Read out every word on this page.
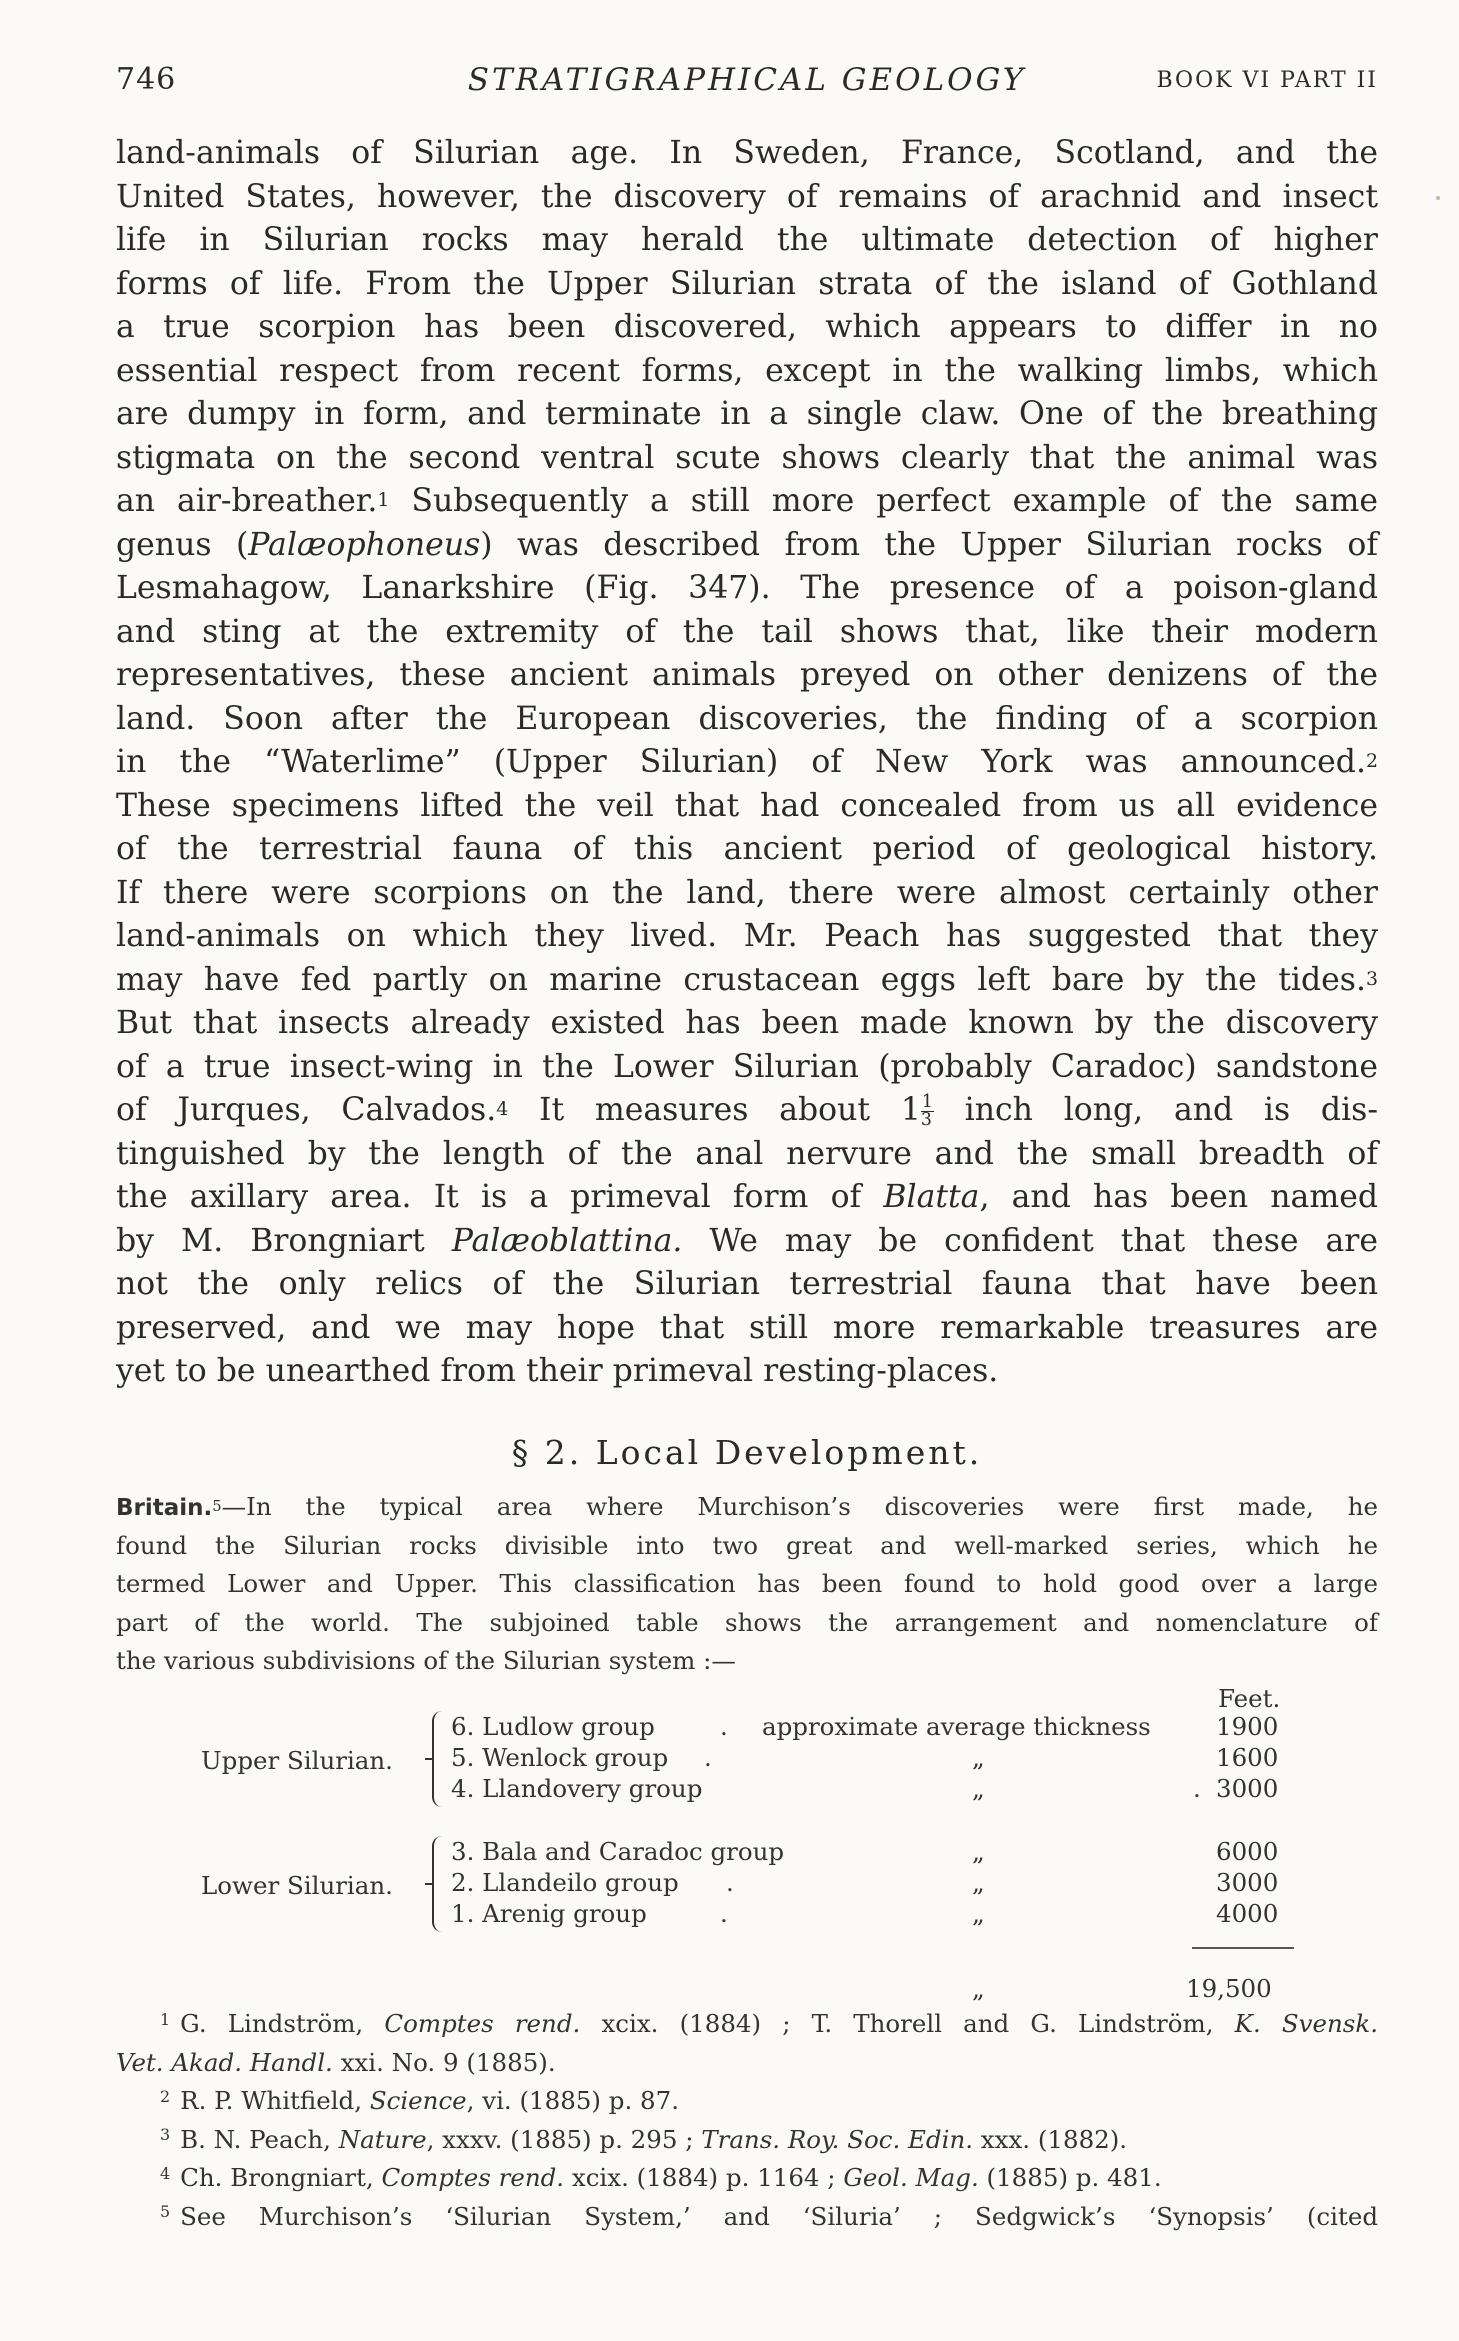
746	STRATIGRAPHICAL GEOLOGY	BOOK VI PART II
land-animals of Silurian age. In Sweden, France, Scotland, and the
United States, however, the discovery of remains of arachnid and insect
life in Silurian rocks may herald the ultimate detection of higher
forms of life. From the Upper Silurian strata of the island of Gothland
a true scorpion has been discovered, which appears to differ in no
essential respect from recent forms, except in the walking limbs, which
are dumpy in form, and terminate in a single claw. One of the breathing
stigmata on the second ventral scute shows clearly that the animal was
an air-breather.$^1$ Subsequently a still more perfect example of the same
genus (Palæophoneus) was described from the Upper Silurian rocks of
Lesmahagow, Lanarkshire (Fig. 347). The presence of a poison-gland
and sting at the extremity of the tail shows that, like their modern
representatives, these ancient animals preyed on other denizens of the
land. Soon after the European discoveries, the finding of a scorpion
in the “Waterlime” (Upper Silurian) of New York was announced.$^2$
These specimens lifted the veil that had concealed from us all evidence
of the terrestrial fauna of this ancient period of geological history.
If there were scorpions on the land, there were almost certainly other
land-animals on which they lived. Mr. Peach has suggested that they
may have fed partly on marine crustacean eggs left bare by the tides.$^3$
But that insects already existed has been made known by the discovery
of a true insect-wing in the Lower Silurian (probably Caradoc) sandstone
of Jurques, Calvados.$^4$ It measures about $1 \frac{1}{3}$ inch long, and is dis-
tinguished by the length of the anal nervure and the small breadth of
the axillary area. It is a primeval form of Blatta, and has been named
by M. Brongniart Palæoblattina. We may be confident that these are
not the only relics of the Silurian terrestrial fauna that have been
preserved, and we may hope that still more remarkable treasures are
yet to be unearthed from their primeval resting-places.
§ 2. Local Development.
Britain.$^5$—In the typical area where Murchison’s discoveries were first made, he
found the Silurian rocks divisible into two great and well-marked series, which he
termed Lower and Upper. This classification has been found to hold good over a large
part of the world. The subjoined table shows the arrangement and nomenclature of
the various subdivisions of the Silurian system :—
Feet.
Upper Silurian.
Lower Silurian.
6. Ludlow group	. approximate average thickness	1900
5. Wenlock group .	„	1600
4. Llandovery group	„	. 3000
3. Bala and Caradoc group	„	6000
2. Llandeilo group .	„	3000
1. Arenig group	.	„	4000
„	19,500
$^1$ G. Lindström, Comptes rend. xcix. (1884) ; T. Thorell and G. Lindström, K. Svensk.
Vet. Akad. Handl. xxi. No. 9 (1885).
$^2$ R. P. Whitfield, Science, vi. (1885) p. 87.
$^3$ B. N. Peach, Nature, xxxv. (1885) p. 295 ; Trans. Roy. Soc. Edin. xxx. (1882).
$^4$ Ch. Brongniart, Comptes rend. xcix. (1884) p. 1164 ; Geol. Mag. (1885) p. 481.
$^5$ See Murchison’s ‘Silurian System,’ and ‘Siluria’ ; Sedgwick’s ‘Synopsis’ (cited
